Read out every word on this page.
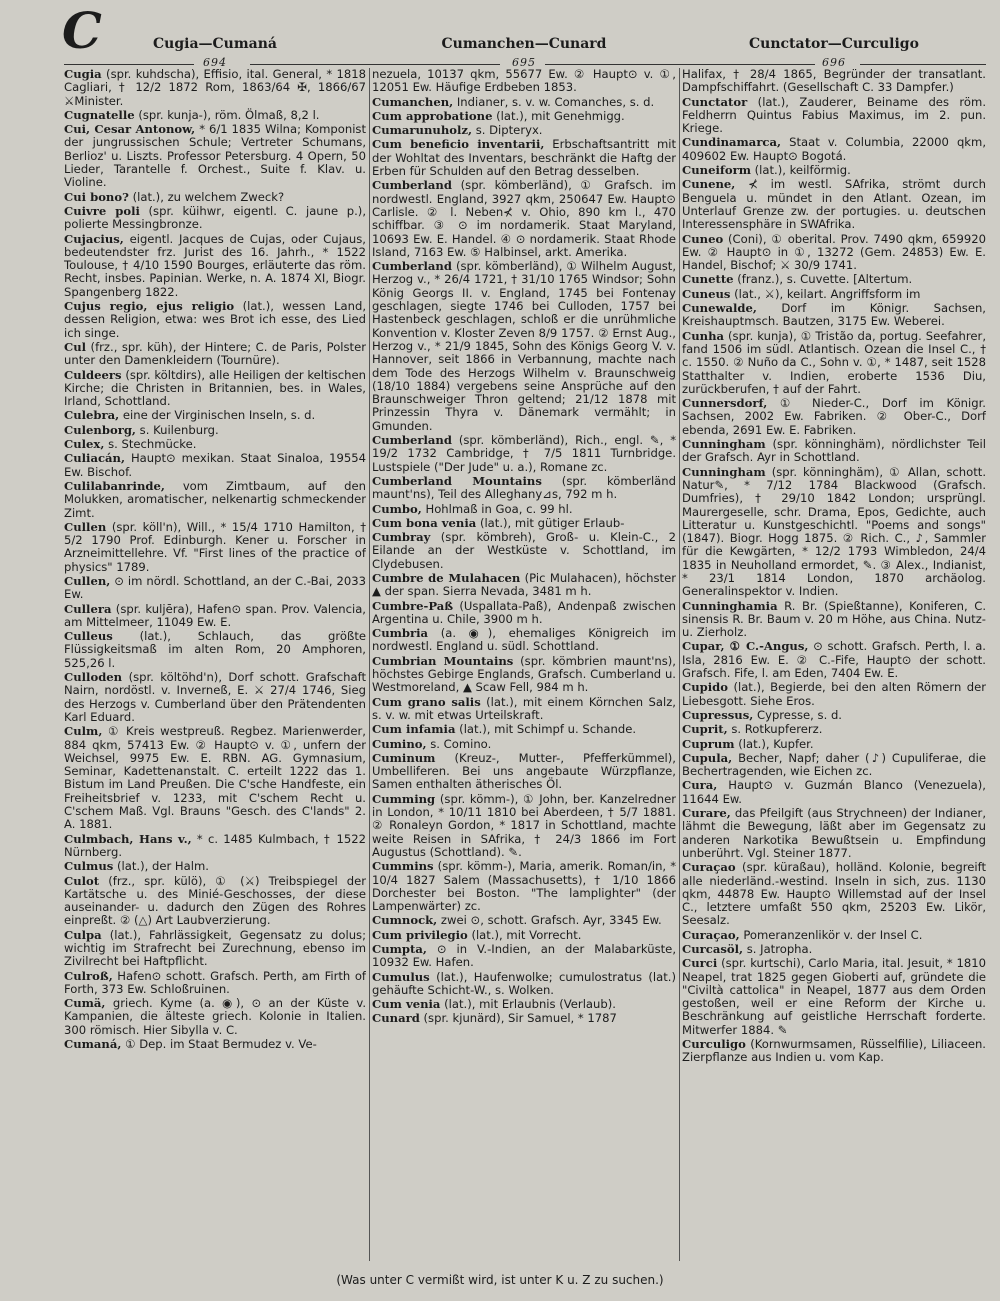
C	Cugia—Cumaná	Cumanchen—Cunard	Cunctator—Curculigo
694	695	696

Cugia (spr. kuhdscha), Effisio, ital. General, * 1818 Cagliari, † 12/2 1872 Rom, 1863/64 ✠, 1866/67 ⚔Minister.

Cugnatelle (spr. kunja-), röm. Ölmaß, 8,2 l.

Cui, Cesar Antonow, * 6/1 1835 Wilna; Komponist der jungrussischen Schule; Vertreter Schumans, Berlioz' u. Liszts. Professor Petersburg. 4 Opern, 50 Lieder, Tarantelle f. Orchest., Suite f. Klav. u. Violine.

Cui bono? (lat.), zu welchem Zweck?

Cuivre poli (spr. küihwr, eigentl. C. jaune p.), polierte Messingbronze.

Cujacius, eigentl. Jacques de Cujas, oder Cujaus, bedeutendster frz. Jurist des 16. Jahrh., * 1522 Toulouse, † 4/10 1590 Bourges, erläuterte das röm. Recht, insbes. Papinian. Werke, n. A. 1874 XI, Biogr. Spangenberg 1822.

Cujus regio, ejus religio (lat.), wessen Land, dessen Religion, etwa: wes Brot ich esse, des Lied ich singe.

Cul (frz., spr. küh), der Hintere; C. de Paris, Polster unter den Damenkleidern (Tournüre).

Culdeers (spr. költdirs), alle Heiligen der keltischen Kirche; die Christen in Britannien, bes. in Wales, Irland, Schottland.

Culebra, eine der Virginischen Inseln, s. d.

Culenborg, s. Kuilenburg.

Culex, s. Stechmücke.

Culiacán, Haupt⊙ mexikan. Staat Sinaloa, 19554 Ew. Bischof.

Culilabanrinde, vom Zimtbaum, auf den Molukken, aromatischer, nelkenartig schmeckender Zimt.

Cullen (spr. köll'n), Will., * 15/4 1710 Hamilton, † 5/2 1790 Prof. Edinburgh. Kener u. Forscher in Arzneimittellehre. Vf. "First lines of the practice of physics" 1789.

Cullen, ⊙ im nördl. Schottland, an der C.-Bai, 2033 Ew.

Cullera (spr. kuljēra), Hafen⊙ span. Prov. Valencia, am Mittelmeer, 11049 Ew. E.

Culleus (lat.), Schlauch, das größte Flüssigkeitsmaß im alten Rom, 20 Amphoren, 525,26 l.

Culloden (spr. költöhd'n), Dorf schott. Grafschaft Nairn, nordöstl. v. Inverneß, E. ⚔ 27/4 1746, Sieg des Herzogs v. Cumberland über den Prätendenten Karl Eduard.

Culm, ① Kreis westpreuß. Regbez. Marienwerder, 884 qkm, 57413 Ew. ② Haupt⊙ v. ①, unfern der Weichsel, 9975 Ew. E. RBN. AG. Gymnasium, Seminar, Kadettenanstalt. C. erteilt 1222 das 1. Bistum im Land Preußen. Die C'sche Handfeste, ein Freiheitsbrief v. 1233, mit C'schem Recht u. C'schem Maß. Vgl. Brauns "Gesch. des C'lands" 2. A. 1881.

Culmbach, Hans v., * c. 1485 Kulmbach, † 1522 Nürnberg.

Culmus (lat.), der Halm.

Culot (frz., spr. külö), ① (⚔) Treibspiegel der Kartätsche u. des Minié-Geschosses, der diese auseinander- u. dadurch den Zügen des Rohres einpreßt. ② (△) Art Laubverzierung.

Culpa (lat.), Fahrlässigkeit, Gegensatz zu dolus; wichtig im Strafrecht bei Zurechnung, ebenso im Zivilrecht bei Haftpflicht.

Culroß, Hafen⊙ schott. Grafsch. Perth, am Firth of Forth, 373 Ew. Schloßruinen.

Cumä, griech. Kyme (a. ◉), ⊙ an der Küste v. Kampanien, die älteste griech. Kolonie in Italien. 300 römisch. Hier Sibylla v. C.

Cumaná, ① Dep. im Staat Bermudez v. Ve-

nezuela, 10137 qkm, 55677 Ew. ② Haupt⊙ v. ①, 12051 Ew. Häufige Erdbeben 1853.

Cumanchen, Indianer, s. v. w. Comanches, s. d.

Cum approbatione (lat.), mit Genehmigg.

Cumarunuholz, s. Dipteryx.

Cum beneficio inventarii, Erbschaftsantritt mit der Wohltat des Inventars, beschränkt die Haftg der Erben für Schulden auf den Betrag desselben.

Cumberland (spr. kömberländ), ① Grafsch. im nordwestl. England, 3927 qkm, 250647 Ew. Haupt⊙ Carlisle. ② l. Neben⊀ v. Ohio, 890 km l., 470 schiffbar. ③ ⊙ im nordamerik. Staat Maryland, 10693 Ew. E. Handel. ④ ⊙ nordamerik. Staat Rhode Island, 7163 Ew. ⑤ Halbinsel, arkt. Amerika.

Cumberland (spr. kömberländ), ① Wilhelm August, Herzog v., * 26/4 1721, † 31/10 1765 Windsor; Sohn König Georgs II. v. England, 1745 bei Fontenay geschlagen, siegte 1746 bei Culloden, 1757 bei Hastenbeck geschlagen, schloß er die unrühmliche Konvention v. Kloster Zeven 8/9 1757. ② Ernst Aug., Herzog v., * 21/9 1845, Sohn des Königs Georg V. v. Hannover, seit 1866 in Verbannung, machte nach dem Tode des Herzogs Wilhelm v. Braunschweig (18/10 1884) vergebens seine Ansprüche auf den Braunschweiger Thron geltend; 21/12 1878 mit Prinzessin Thyra v. Dänemark vermählt; in Gmunden.

Cumberland (spr. kömberländ), Rich., engl. ✎, * 19/2 1732 Cambridge, † 7/5 1811 Turnbridge. Lustspiele ("Der Jude" u. a.), Romane zc.

Cumberland Mountains (spr. kömberländ maunt'ns), Teil des Alleghany⊿s, 792 m h.

Cumbo, Hohlmaß in Goa, c. 99 hl.

Cum bona venia (lat.), mit gütiger Erlaub-

Cumbray (spr. kömbreh), Groß- u. Klein-C., 2 Eilande an der Westküste v. Schottland, im Clydebusen.

Cumbre de Mulahacen (Pic Mulahacen), höchster ▲ der span. Sierra Nevada, 3481 m h.

Cumbre-Paß (Uspallata-Paß), Andenpaß zwischen Argentina u. Chile, 3900 m h.

Cumbria (a. ◉), ehemaliges Königreich im nordwestl. England u. südl. Schottland.

Cumbrian Mountains (spr. kömbrien maunt'ns), höchstes Gebirge Englands, Grafsch. Cumberland u. Westmoreland, ▲ Scaw Fell, 984 m h.

Cum grano salis (lat.), mit einem Körnchen Salz, s. v. w. mit etwas Urteilskraft.

Cum infamia (lat.), mit Schimpf u. Schande.

Cumino, s. Comino.

Cuminum (Kreuz-, Mutter-, Pfefferkümmel), Umbelliferen. Bei uns angebaute Würzpflanze, Samen enthalten ätherisches Öl.

Cumming (spr. kömm-), ① John, ber. Kanzelredner in London, * 10/11 1810 bei Aberdeen, † 5/7 1881. ② Ronaleyn Gordon, * 1817 in Schottland, machte weite Reisen in SAfrika, † 24/3 1866 im Fort Augustus (Schottland). ✎.

Cummins (spr. kömm-), Maria, amerik. Roman/in, * 10/4 1827 Salem (Massachusetts), † 1/10 1866 Dorchester bei Boston. "The lamplighter" (der Lampenwärter) zc.

Cumnock, zwei ⊙, schott. Grafsch. Ayr, 3345 Ew.

Cum privilegio (lat.), mit Vorrecht.

Cumpta, ⊙ in V.-Indien, an der Malabarküste, 10932 Ew. Hafen.

Cumulus (lat.), Haufenwolke; cumulostratus (lat.) gehäufte Schicht-W., s. Wolken.

Cum venia (lat.), mit Erlaubnis (Verlaub).

Cunard (spr. kjunärd), Sir Samuel, * 1787

Halifax, † 28/4 1865, Begründer der transatlant. Dampfschiffahrt. (Gesellschaft C. 33 Dampfer.)

Cunctator (lat.), Zauderer, Beiname des röm. Feldherrn Quintus Fabius Maximus, im 2. pun. Kriege.

Cundinamarca, Staat v. Columbia, 22000 qkm, 409602 Ew. Haupt⊙ Bogotá.

Cuneiform (lat.), keilförmig.

Cunene, ⊀ im westl. SAfrika, strömt durch Benguela u. mündet in den Atlant. Ozean, im Unterlauf Grenze zw. der portugies. u. deutschen Interessensphäre in SWAfrika.

Cuneo (Coni), ① oberital. Prov. 7490 qkm, 659920 Ew. ② Haupt⊙ in ①, 13272 (Gem. 24853) Ew. E. Handel, Bischof; ⚔ 30/9 1741.

Cunette (franz.), s. Cuvette. [Altertum.

Cuneus (lat., ⚔), keilart. Angriffsform im

Cunewalde, Dorf im Königr. Sachsen, Kreishauptmsch. Bautzen, 3175 Ew. Weberei.

Cunha (spr. kunja), ① Tristão da, portug. Seefahrer, fand 1506 im südl. Atlantisch. Ozean die Insel C., † c. 1550. ② Nuño da C., Sohn v. ①, * 1487, seit 1528 Statthalter v. Indien, eroberte 1536 Diu, zurückberufen, † auf der Fahrt.

Cunnersdorf, ① Nieder-C., Dorf im Königr. Sachsen, 2002 Ew. Fabriken. ② Ober-C., Dorf ebenda, 2691 Ew. E. Fabriken.

Cunningham (spr. könninghäm), nördlichster Teil der Grafsch. Ayr in Schottland.

Cunningham (spr. könninghäm), ① Allan, schott. Natur✎, * 7/12 1784 Blackwood (Grafsch. Dumfries), † 29/10 1842 London; ursprüngl. Maurergeselle, schr. Drama, Epos, Gedichte, auch Litteratur u. Kunstgeschichtl. "Poems and songs" (1847). Biogr. Hogg 1875. ② Rich. C., ♪, Sammler für die Kewgärten, * 12/2 1793 Wimbledon, 24/4 1835 in Neuholland ermordet, ✎. ③ Alex., Indianist, * 23/1 1814 London, 1870 archäolog. Generalinspektor v. Indien.

Cunninghamia R. Br. (Spießtanne), Koniferen, C. sinensis R. Br. Baum v. 20 m Höhe, aus China. Nutz- u. Zierholz.

Cupar, ① C.-Angus, ⊙ schott. Grafsch. Perth, l. a. Isla, 2816 Ew. E. ② C.-Fife, Haupt⊙ der schott. Grafsch. Fife, l. am Eden, 7404 Ew. E.

Cupido (lat.), Begierde, bei den alten Römern der Liebesgott. Siehe Eros.

Cupressus, Cypresse, s. d.

Cuprit, s. Rotkupfererz.

Cuprum (lat.), Kupfer.

Cupula, Becher, Napf; daher (♪) Cupuliferae, die Bechertragenden, wie Eichen zc.

Cura, Haupt⊙ v. Guzmán Blanco (Venezuela), 11644 Ew.

Curare, das Pfeilgift (aus Strychneen) der Indianer, lähmt die Bewegung, läßt aber im Gegensatz zu anderen Narkotika Bewußtsein u. Empfindung unberührt. Vgl. Steiner 1877.

Curaçao (spr. küraßau), holländ. Kolonie, begreift alle niederländ.-westind. Inseln in sich, zus. 1130 qkm, 44878 Ew. Haupt⊙ Willemstad auf der Insel C., letztere umfaßt 550 qkm, 25203 Ew. Likör, Seesalz.

Curaçao, Pomeranzenlikör v. der Insel C.

Curcasöl, s. Jatropha.

Curci (spr. kurtschi), Carlo Maria, ital. Jesuit, * 1810 Neapel, trat 1825 gegen Gioberti auf, gründete die "Civiltà cattolica" in Neapel, 1877 aus dem Orden gestoßen, weil er eine Reform der Kirche u. Beschränkung auf geistliche Herrschaft forderte. Mitwerfer 1884. ✎

Curculigo (Kornwurmsamen, Rüsselfilie), Liliaceen. Zierpflanze aus Indien u. vom Kap.

(Was unter C vermißt wird, ist unter K u. Z zu suchen.)
